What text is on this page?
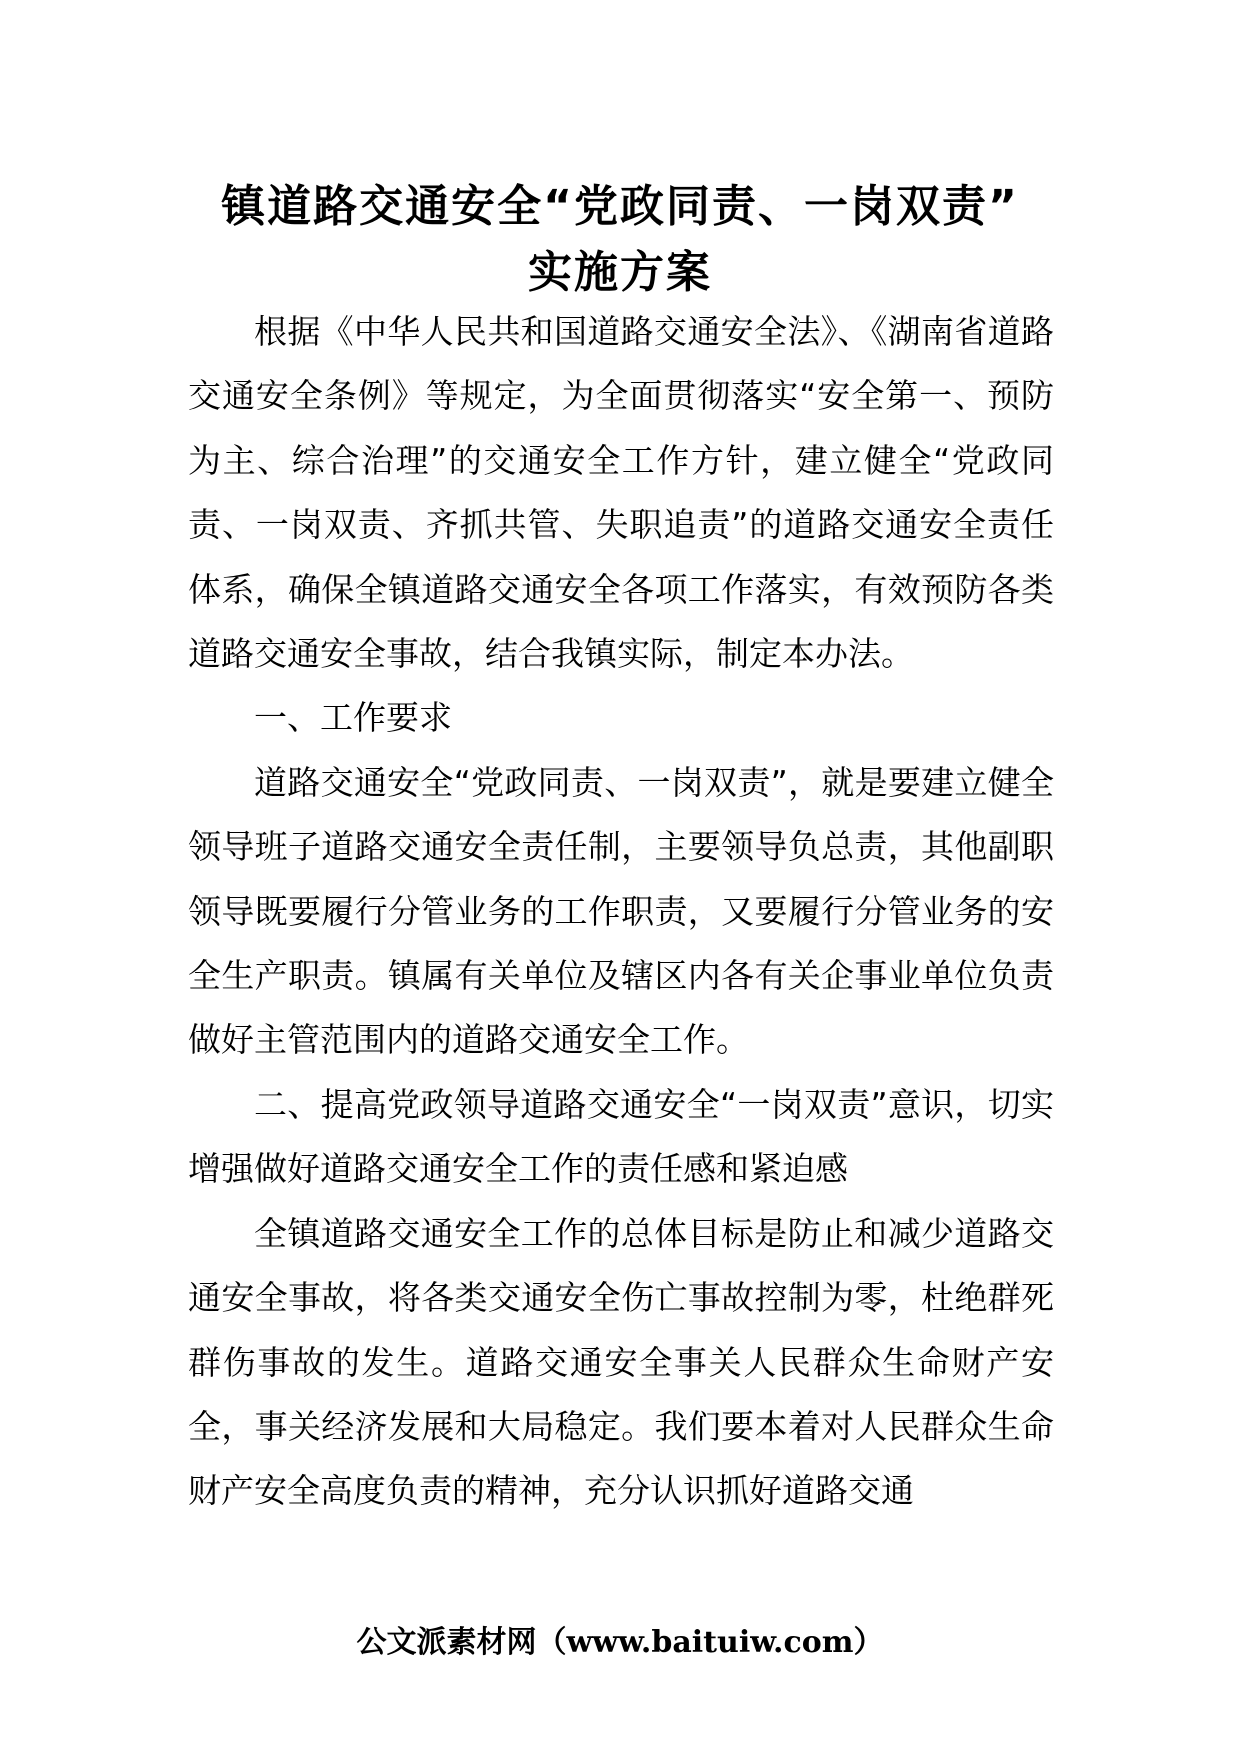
镇道路交通安全“党政同责、一岗双责”
实施方案

根据《中华人民共和国道路交通安全法》、《湖南省道路交通安全条例》等规定，为全面贯彻落实“安全第一、预防为主、综合治理”的交通安全工作方针，建立健全“党政同责、一岗双责、齐抓共管、失职追责”的道路交通安全责任体系，确保全镇道路交通安全各项工作落实，有效预防各类道路交通安全事故，结合我镇实际，制定本办法。

一、工作要求

道路交通安全“党政同责、一岗双责”，就是要建立健全领导班子道路交通安全责任制，主要领导负总责，其他副职领导既要履行分管业务的工作职责，又要履行分管业务的安全生产职责。镇属有关单位及辖区内各有关企事业单位负责做好主管范围内的道路交通安全工作。

二、提高党政领导道路交通安全“一岗双责”意识，切实增强做好道路交通安全工作的责任感和紧迫感

全镇道路交通安全工作的总体目标是防止和减少道路交通安全事故，将各类交通安全伤亡事故控制为零，杜绝群死群伤事故的发生。道路交通安全事关人民群众生命财产安全，事关经济发展和大局稳定。我们要本着对人民群众生命财产安全高度负责的精神，充分认识抓好道路交通

公文派素材网（www.baituiw.com）
